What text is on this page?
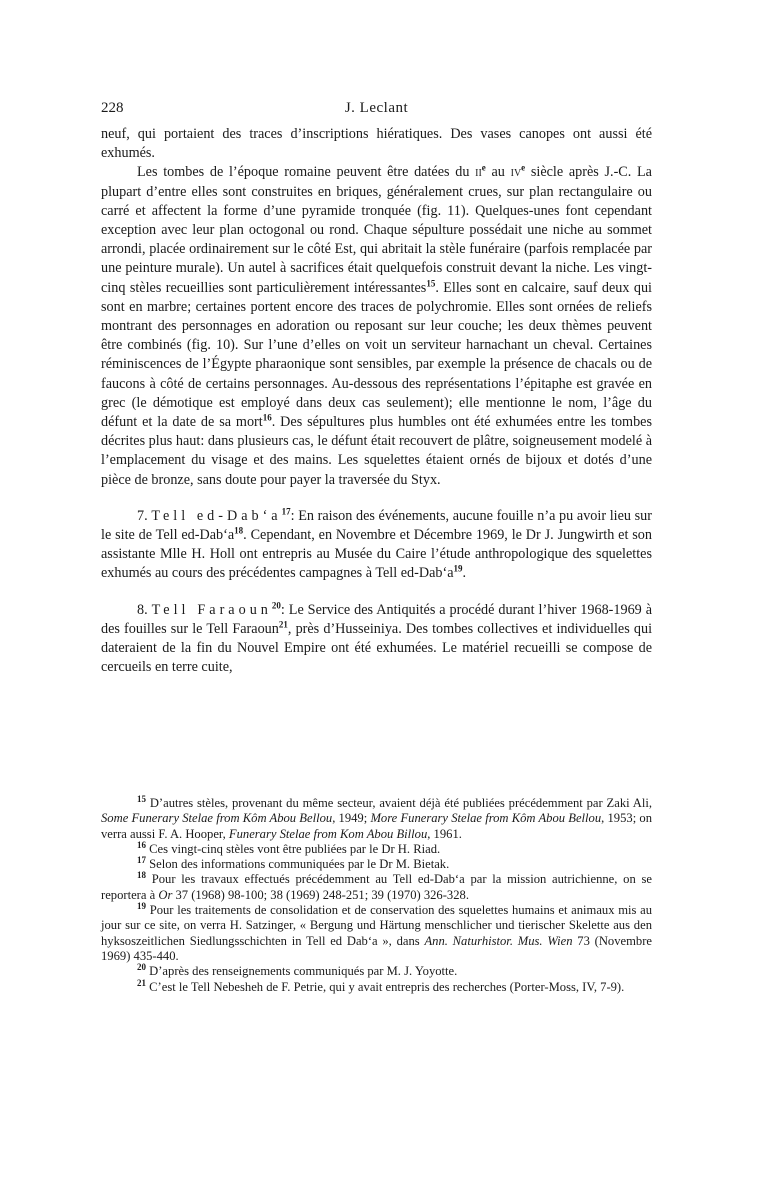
228	J. Leclant

neuf, qui portaient des traces d’inscriptions hiératiques. Des vases canopes ont aussi été exhumés.

Les tombes de l’époque romaine peuvent être datées du $ii^e$ au $iv^e$ siècle après J.-C. La plupart d’entre elles sont construites en briques, généralement crues, sur plan rectangulaire ou carré et affectent la forme d’une pyramide tronquée (fig. 11). Quelques-unes font cependant exception avec leur plan octogonal ou rond. Chaque sépulture possédait une niche au sommet arrondi, placée ordinairement sur le côté Est, qui abritait la stèle funéraire (parfois remplacée par une peinture murale). Un autel à sacrifices était quelquefois construit devant la niche. Les vingt-cinq stèles recueillies sont particulièrement intéressantes$^{15}$. Elles sont en calcaire, sauf deux qui sont en marbre; certaines portent encore des traces de polychromie. Elles sont ornées de reliefs montrant des personnages en adoration ou reposant sur leur couche; les deux thèmes peuvent être combinés (fig. 10). Sur l’une d’elles on voit un serviteur harnachant un cheval. Certaines réminiscences de l’Égypte pharaonique sont sensibles, par exemple la présence de chacals ou de faucons à côté de certains personnages. Au-dessous des représentations l’épitaphe est gravée en grec (le démotique est employé dans deux cas seulement); elle mentionne le nom, l’âge du défunt et la date de sa mort$^{16}$. Des sépultures plus humbles ont été exhumées entre les tombes décrites plus haut: dans plusieurs cas, le défunt était recouvert de plâtre, soigneusement modelé à l’emplacement du visage et des mains. Les squelettes étaient ornés de bijoux et dotés d’une pièce de bronze, sans doute pour payer la traversée du Styx.

7. Tell $ed-Dab‘a^{17}$: En raison des événements, aucune fouille n’a pu avoir lieu sur le site de Tell $ed-Dab‘a^{18}$. Cependant, en Novembre et Décembre 1969, le Dr J. Jungwirth et son assistante Mlle H. Holl ont entrepris au Musée du Caire l’étude anthropologique des squelettes exhumés au cours des précédentes campagnes à Tell $ed-Dab‘a^{19}$.

8. Tell Faraoun$^{20}$: Le Service des Antiquités a procédé durant l’hiver 1968-1969 à des fouilles sur le Tell Faraoun$^{21}$, près d’Husseiniya. Des tombes collectives et individuelles qui dateraient de la fin du Nouvel Empire ont été exhumées. Le matériel recueilli se compose de cercueils en terre cuite,

$^{15}$ D’autres stèles, provenant du même secteur, avaient déjà été publiées précédemment par Zaki Ali, Some Funerary Stelae from Kôm Abou Bellou, 1949; More Funerary Stelae from Kôm Abou Bellou, 1953; on verra aussi F. A. Hooper, Funerary Stelae from Kom Abou Billou, 1961.

$^{16}$ Ces vingt-cinq stèles vont être publiées par le Dr H. Riad.

$^{17}$ Selon des informations communiquées par le Dr M. Bietak.

$^{18}$ Pour les travaux effectués précédemment au Tell ed-Dab‘a par la mission autrichienne, on se reportera à Or 37 (1968) 98-100; 38 (1969) 248-251; 39 (1970) 326-328.

$^{19}$ Pour les traitements de consolidation et de conservation des squelettes humains et animaux mis au jour sur ce site, on verra H. Satzinger, « Bergung und Härtung menschlicher und tierischer Skelette aus den hyksoszeitlichen Siedlungsschichten in Tell ed Dab‘a », dans Ann. Naturhistor. Mus. Wien 73 (Novembre 1969) 435-440.

$^{20}$ D’après des renseignements communiqués par M. J. Yoyotte.

$^{21}$ C’est le Tell Nebesheh de F. Petrie, qui y avait entrepris des recherches (Porter-Moss, IV, 7-9).
